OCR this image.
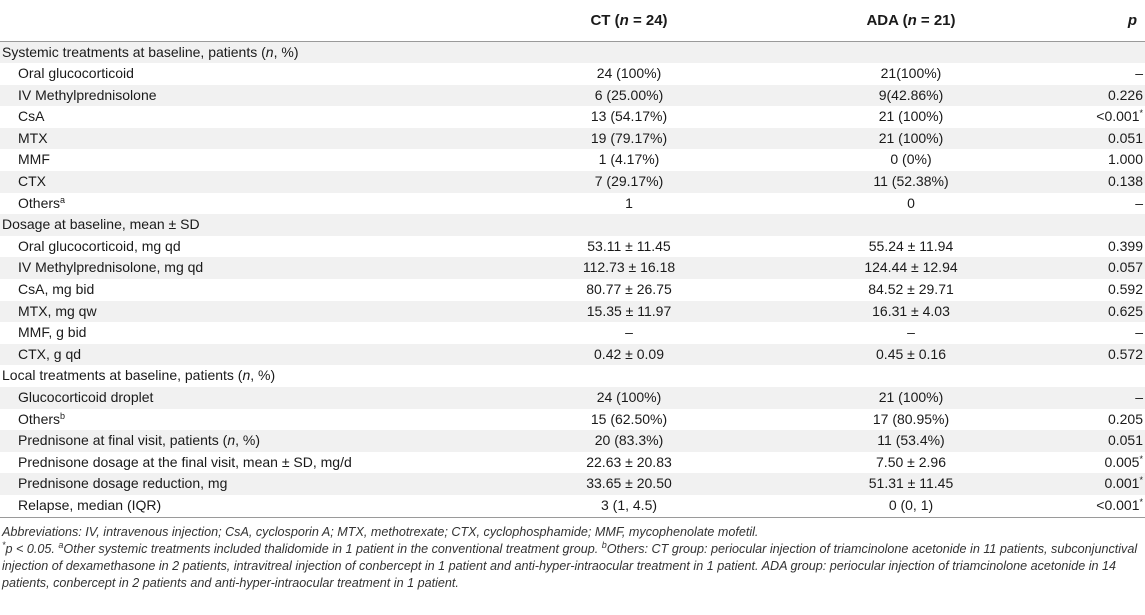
	CT (n = 24)	ADA (n = 21)	p
Systemic treatments at baseline, patients (n, %)			
Oral glucocorticoid	24 (100%)	21(100%)	–
IV Methylprednisolone	6 (25.00%)	9(42.86%)	0.226
CsA	13 (54.17%)	21 (100%)	<0.001*
MTX	19 (79.17%)	21 (100%)	0.051
MMF	1 (4.17%)	0 (0%)	1.000
CTX	7 (29.17%)	11 (52.38%)	0.138
Others$^a$	1	0	–
Dosage at baseline, mean ± SD			
Oral glucocorticoid, mg qd	53.11 ± 11.45	55.24 ± 11.94	0.399
IV Methylprednisolone, mg qd	112.73 ± 16.18	124.44 ± 12.94	0.057
CsA, mg bid	80.77 ± 26.75	84.52 ± 29.71	0.592
MTX, mg qw	15.35 ± 11.97	16.31 ± 4.03	0.625
MMF, g bid	–	–	–
CTX, g qd	0.42 ± 0.09	0.45 ± 0.16	0.572
Local treatments at baseline, patients (n, %)			
Glucocorticoid droplet	24 (100%)	21 (100%)	–
Others$^b$	15 (62.50%)	17 (80.95%)	0.205
Prednisone at final visit, patients (n, %)	20 (83.3%)	11 (53.4%)	0.051
Prednisone dosage at the final visit, mean ± SD, mg/d	22.63 ± 20.83	7.50 ± 2.96	0.005*
Prednisone dosage reduction, mg	33.65 ± 20.50	51.31 ± 11.45	0.001*
Relapse, median (IQR)	3 (1, 4.5)	0 (0, 1)	<0.001*
Abbreviations: IV, intravenous injection; CsA, cyclosporin A; MTX, methotrexate; CTX, cyclophosphamide; MMF, mycophenolate mofetil.
*p < 0.05. $^a$Other systemic treatments included thalidomide in 1 patient in the conventional treatment group. $^b$Others: CT group: periocular injection of triamcinolone acetonide in 11 patients, subconjunctival injection of dexamethasone in 2 patients, intravitreal injection of conbercept in 1 patient and anti-hyper-intraocular treatment in 1 patient. ADA group: periocular injection of triamcinolone acetonide in 14 patients, conbercept in 2 patients and anti-hyper-intraocular treatment in 1 patient.
